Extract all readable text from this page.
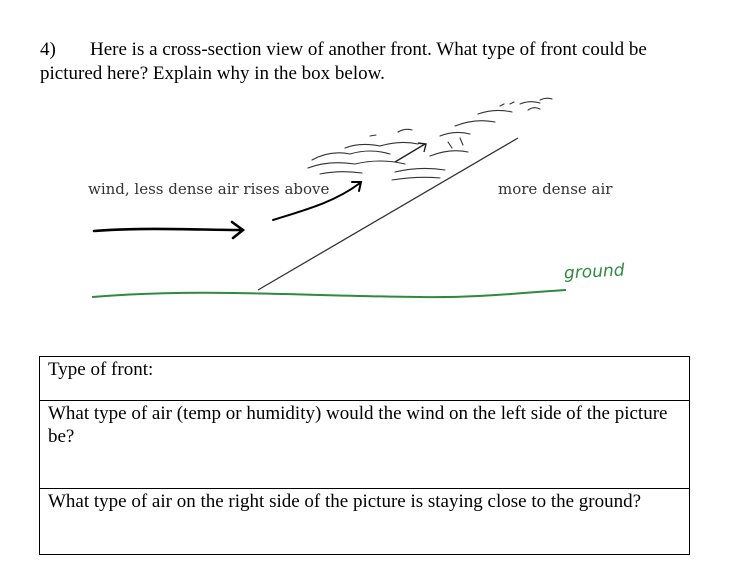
4) Here is a cross-section view of another front. What type of front could be
pictured here? Explain why in the box below.
wind, less dense air rises above	more dense air
ground
Type of front:
What type of air (temp or humidity) would the wind on the left side of the picture be?
What type of air on the right side of the picture is staying close to the ground?
